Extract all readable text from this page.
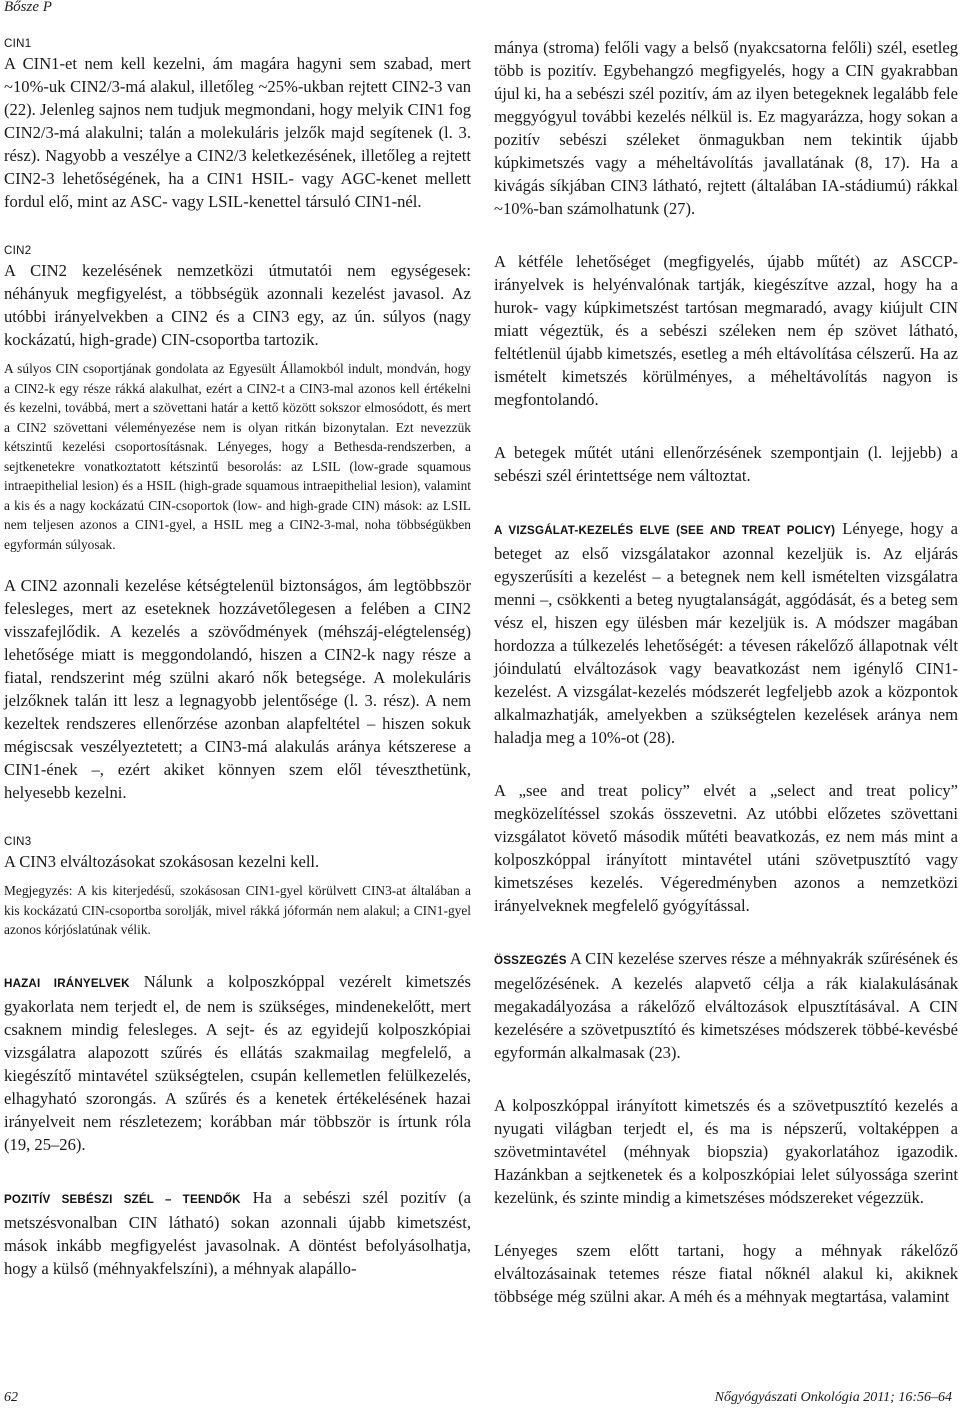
Bősze P

CIN1

A CIN1-et nem kell kezelni, ám magára hagyni sem szabad, mert ~10%-uk CIN2/3-má alakul, illetőleg ~25%-ukban rejtett CIN2-3 van (22). Jelenleg sajnos nem tudjuk megmondani, hogy melyik CIN1 fog CIN2/3-má alakulni; talán a molekuláris jelzők majd segítenek (l. 3. rész). Nagyobb a veszélye a CIN2/3 keletkezésének, illetőleg a rejtett CIN2-3 lehetőségének, ha a CIN1 HSIL- vagy AGC-kenet mellett fordul elő, mint az ASC- vagy LSIL-kenettel társuló CIN1-nél.

CIN2

A CIN2 kezelésének nemzetközi útmutatói nem egységesek: néhányuk megfigyelést, a többségük azonnali kezelést javasol. Az utóbbi irányelvekben a CIN2 és a CIN3 egy, az ún. súlyos (nagy kockázatú, high-grade) CIN-csoportba tartozik.

A súlyos CIN csoportjának gondolata az Egyesült Államokból indult, mondván, hogy a CIN2-k egy része rákká alakulhat, ezért a CIN2-t a CIN3-mal azonos kell értékelni és kezelni, továbbá, mert a szövettani határ a kettő között sokszor elmosódott, és mert a CIN2 szövettani véleményezése nem is olyan ritkán bizonytalan. Ezt nevezzük kétszintű kezelési csoportosításnak. Lényeges, hogy a Bethesda-rendszerben, a sejtkenetekre vonatkoztatott kétszintű besorolás: az LSIL (low-grade squamous intraepithelial lesion) és a HSIL (high-grade squamous intraepithelial lesion), valamint a kis és a nagy kockázatú CIN-csoportok (low- and high-grade CIN) mások: az LSIL nem teljesen azonos a CIN1-gyel, a HSIL meg a CIN2-3-mal, noha többségükben egyformán súlyosak.

A CIN2 azonnali kezelése kétségtelenül biztonságos, ám legtöbbször felesleges, mert az eseteknek hozzávetőlegesen a felében a CIN2 visszafejlődik. A kezelés a szövődmények (méhszáj-elégtelenség) lehetősége miatt is meggondolandó, hiszen a CIN2-k nagy része a fiatal, rendszerint még szülni akaró nők betegsége. A molekuláris jelzőknek talán itt lesz a legnagyobb jelentősége (l. 3. rész). A nem kezeltek rendszeres ellenőrzése azonban alapfeltétel – hiszen sokuk mégiscsak veszélyeztetett; a CIN3-má alakulás aránya kétszerese a CIN1-ének –, ezért akiket könnyen szem elől téveszthetünk, helyesebb kezelni.

CIN3

A CIN3 elváltozásokat szokásosan kezelni kell.

Megjegyzés: A kis kiterjedésű, szokásosan CIN1-gyel körülvett CIN3-at általában a kis kockázatú CIN-csoportba sorolják, mivel rákká jóformán nem alakul; a CIN1-gyel azonos kórjóslatúnak vélik.

HAZAI IRÁNYELVEK Nálunk a kolposzkóppal vezérelt kimetszés gyakorlata nem terjedt el, de nem is szükséges, mindenekelőtt, mert csaknem mindig felesleges. A sejt- és az egyidejű kolposzkópiai vizsgálatra alapozott szűrés és ellátás szakmailag megfelelő, a kiegészítő mintavétel szükségtelen, csupán kellemetlen felülkezelés, elhagyható szorongás. A szűrés és a kenetek értékelésének hazai irányelveit nem részletezem; korábban már többször is írtunk róla (19, 25–26).

POZITÍV SEBÉSZI SZÉL – TEENDŐK Ha a sebészi szél pozitív (a metszésvonalban CIN látható) sokan azonnali újabb kimetszést, mások inkább megfigyelést javasolnak. A döntést befolyásolhatja, hogy a külső (méhnyakfelszíni), a méhnyak alapállo-

mánya (stroma) felőli vagy a belső (nyakcsatorna felőli) szél, esetleg több is pozitív. Egybehangzó megfigyelés, hogy a CIN gyakrabban újul ki, ha a sebészi szél pozitív, ám az ilyen betegeknek legalább fele meggyógyul további kezelés nélkül is. Ez magyarázza, hogy sokan a pozitív sebészi széleket önmagukban nem tekintik újabb kúpkimetszés vagy a méheltávolítás javallatának (8, 17). Ha a kivágás síkjában CIN3 látható, rejtett (általában IA-stádiumú) rákkal ~10%-ban számolhatunk (27).

A kétféle lehetőséget (megfigyelés, újabb műtét) az ASCCP-irányelvek is helyénvalónak tartják, kiegészítve azzal, hogy ha a hurok- vagy kúpkimetszést tartósan megmaradó, avagy kiújult CIN miatt végeztük, és a sebészi széleken nem ép szövet látható, feltétlenül újabb kimetszés, esetleg a méh eltávolítása célszerű. Ha az ismételt kimetszés körülményes, a méheltávolítás nagyon is megfontolandó.

A betegek műtét utáni ellenőrzésének szempontjain (l. lejjebb) a sebészi szél érintettsége nem változtat.

A VIZSGÁLAT-KEZELÉS ELVE (SEE AND TREAT POLICY) Lényege, hogy a beteget az első vizsgálatakor azonnal kezeljük is. Az eljárás egyszerűsíti a kezelést – a betegnek nem kell ismételten vizsgálatra menni –, csökkenti a beteg nyugtalanságát, aggódását, és a beteg sem vész el, hiszen egy ülésben már kezeljük is. A módszer magában hordozza a túlkezelés lehetőségét: a tévesen rákelőző állapotnak vélt jóindulatú elváltozások vagy beavatkozást nem igénylő CIN1-kezelést. A vizsgálat-kezelés módszerét legfeljebb azok a központok alkalmazhatják, amelyekben a szükségtelen kezelések aránya nem haladja meg a 10%-ot (28).

A „see and treat policy” elvét a „select and treat policy” megközelítéssel szokás összevetni. Az utóbbi előzetes szövettani vizsgálatot követő második műtéti beavatkozás, ez nem más mint a kolposzkóppal irányított mintavétel utáni szövetpusztító vagy kimetszéses kezelés. Végeredményben azonos a nemzetközi irányelveknek megfelelő gyógyítással.

ÖSSZEGZÉS A CIN kezelése szerves része a méhnyakrák szűrésének és megelőzésének. A kezelés alapvető célja a rák kialakulásának megakadályozása a rákelőző elváltozások elpusztításával. A CIN kezelésére a szövetpusztító és kimetszéses módszerek többé-kevésbé egyformán alkalmasak (23).

A kolposzkóppal irányított kimetszés és a szövetpusztító kezelés a nyugati világban terjedt el, és ma is népszerű, voltaképpen a szövetmintavétel (méhnyak biopszia) gyakorlatához igazodik. Hazánkban a sejtkenetek és a kolposzkópiai lelet súlyossága szerint kezelünk, és szinte mindig a kimetszéses módszereket végezzük.

Lényeges szem előtt tartani, hogy a méhnyak rákelőző elváltozásainak tetemes része fiatal nőknél alakul ki, akiknek többsége még szülni akar. A méh és a méhnyak megtartása, valamint

62	Nőgyógyászati Onkológia 2011; 16:56–64
